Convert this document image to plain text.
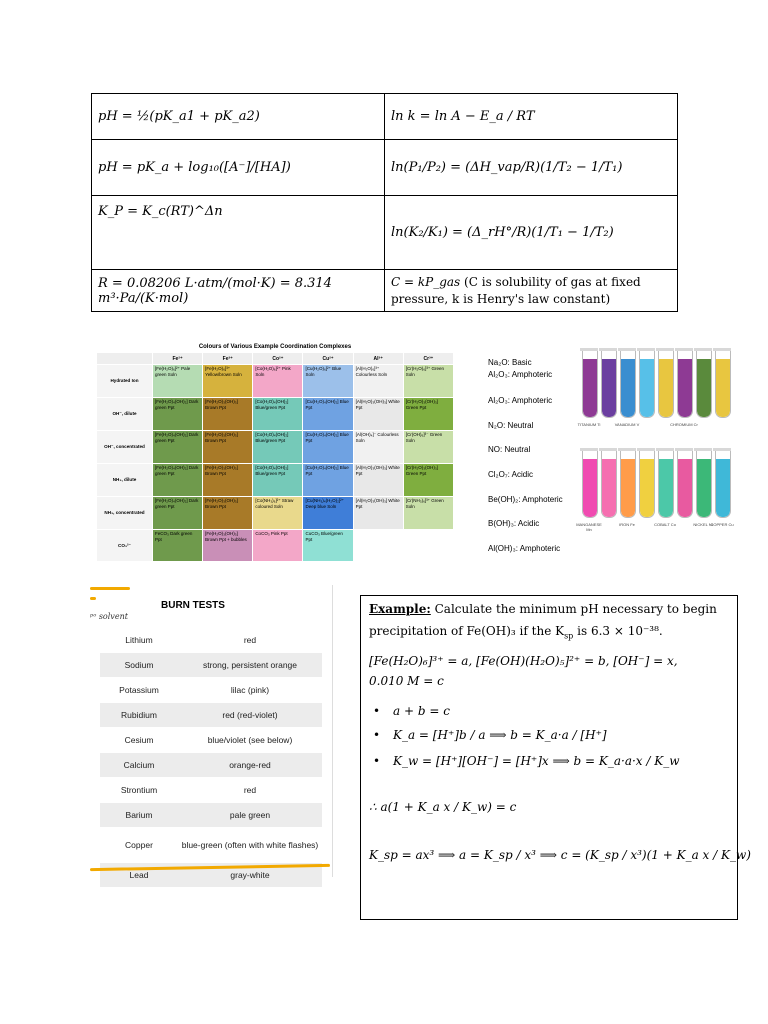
pH = ½(pK_a1 + pK_a2)	ln k = ln A − E_a / RT
pH = pK_a + log₁₀([A⁻]/[HA])	ln(P₁/P₂) = (ΔH_vap/R)(1/T₂ − 1/T₁)
K_P = K_c(RT)^Δn	ln(K₂/K₁) = (Δ_rH°/R)(1/T₁ − 1/T₂)
R = 0.08206 L·atm/(mol·K) = 8.314 m³·Pa/(K·mol)	C = kP_gas (C is solubility of gas at fixed pressure, k is Henry's law constant)
Colours of Various Example Coordination Complexes
	Fe²⁺	Fe³⁺	Co²⁺	Cu²⁺	Al³⁺	Cr³⁺
Hydrated Ion	[Fe(H₂O)₆]²⁺ Pale green Soln	[Fe(H₂O)₆]³⁺ Yellow/brown Soln	[Co(H₂O)₆]²⁺ Pink Soln	[Cu(H₂O)₆]²⁺ Blue Soln	[Al(H₂O)₆]³⁺ Colourless Soln	[Cr(H₂O)₆]³⁺ Green Soln
OH⁻, dilute	[Fe(H₂O)₄(OH)₂] Dark green Ppt	[Fe(H₂O)₃(OH)₃] Brown Ppt	[Co(H₂O)₄(OH)₂] Blue/green Ppt	[Cu(H₂O)₄(OH)₂] Blue Ppt	[Al(H₂O)₃(OH)₃] White Ppt	[Cr(H₂O)₃(OH)₃] Green Ppt
OH⁻, concentrated	[Fe(H₂O)₄(OH)₂] Dark green Ppt	[Fe(H₂O)₃(OH)₃] Brown Ppt	[Co(H₂O)₄(OH)₂] Blue/green Ppt	[Cu(H₂O)₄(OH)₂] Blue Ppt	[Al(OH)₄]⁻ Colourless Soln	[Cr(OH)₆]³⁻ Green Soln
NH₃, dilute	[Fe(H₂O)₄(OH)₂] Dark green Ppt	[Fe(H₂O)₃(OH)₃] Brown Ppt	[Co(H₂O)₄(OH)₂] Blue/green Ppt	[Cu(H₂O)₄(OH)₂] Blue Ppt	[Al(H₂O)₃(OH)₃] White Ppt	[Cr(H₂O)₃(OH)₃] Green Ppt
NH₃, concentrated	[Fe(H₂O)₄(OH)₂] Dark green Ppt	[Fe(H₂O)₃(OH)₃] Brown Ppt	[Co(NH₃)₆]²⁺ Straw coloured Soln	[Cu(NH₃)₄(H₂O)₂]²⁺ Deep blue Soln	[Al(H₂O)₃(OH)₃] White Ppt	[Cr(NH₃)₆]³⁺ Green Soln
CO₃²⁻	FeCO₃ Dark green Ppt	[Fe(H₂O)₃(OH)₃] Brown Ppt + bubbles	CoCO₃ Pink Ppt	CuCO₃ Blue/green Ppt		
Na₂O: Basic
Al₂O₃: Amphoteric
Al₂O₃: Amphoteric
N₂O: Neutral
NO: Neutral
Cl₂O₇: Acidic
Be(OH)₂: Amphoteric
B(OH)₃: Acidic
Al(OH)₃: Amphoteric
TITANIUM Ti	VANADIUM V	CHROMIUM Cr
MANGANESE Mn
IRON Fe	COBALT Co	NICKEL Ni
COPPER Cu
BURN TESTS
ᵖᵒ solvent
Lithium	red
Sodium	strong, persistent orange
Potassium	lilac (pink)
Rubidium	red (red-violet)
Cesium	blue/violet (see below)
Calcium	orange-red
Strontium	red
Barium	pale green
Copper	blue-green (often with white flashes)
Lead	gray-white
Example: Calculate the minimum pH necessary to begin
precipitation of Fe(OH)₃ if the $K_{sp}$ is 6.3 × 10⁻³⁸.
[Fe(H₂O)₆]³⁺ = a, [Fe(OH)(H₂O)₅]²⁺ = b, [OH⁻] = x,
0.010 M = c
• a + b = c
• K_a = [H⁺]b / a ⟹ b = K_a·a / [H⁺]
• K_w = [H⁺][OH⁻] = [H⁺]x ⟹ b = K_a·a·x / K_w
∴ a(1 + K_a x / K_w) = c
K_sp = ax³ ⟹ a = K_sp / x³ ⟹ c = (K_sp / x³)(1 + K_a x / K_w)
